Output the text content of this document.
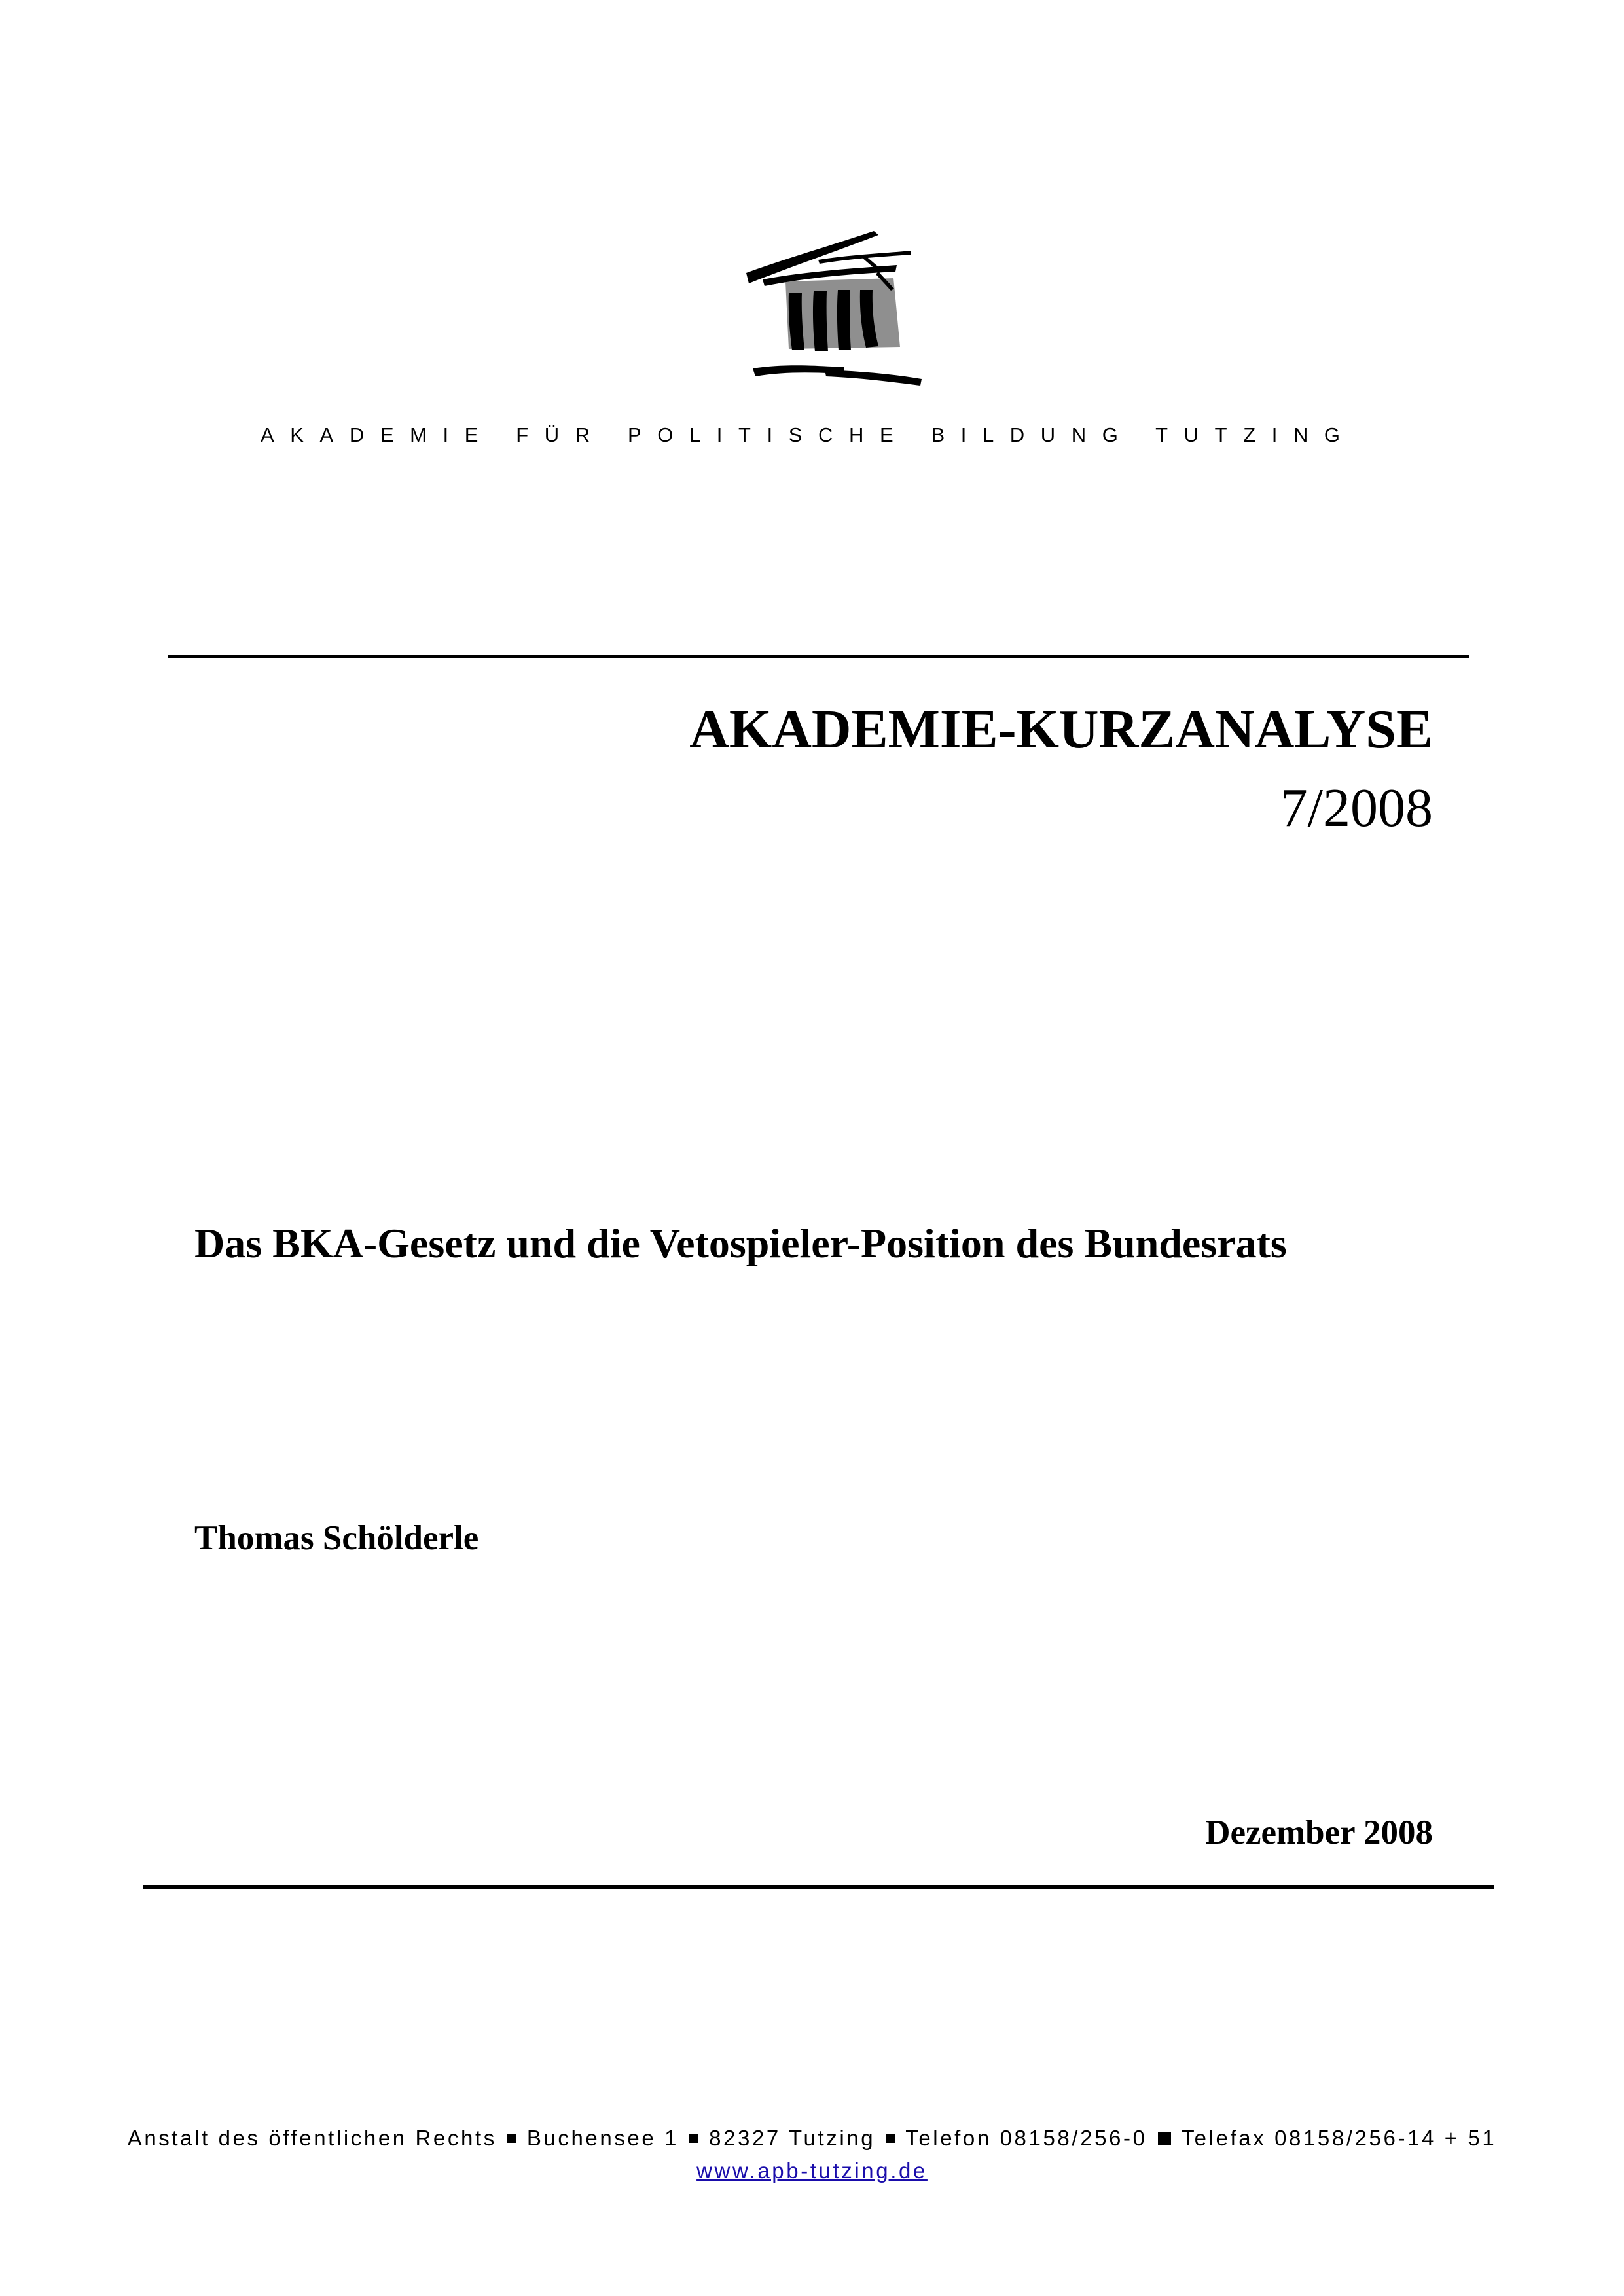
AKADEMIE FÜR POLITISCHE BILDUNG TUTZING
AKADEMIE-KURZANALYSE
7/2008
Das BKA-Gesetz und die Vetospieler-Position des Bundesrats
Thomas Schölderle
Dezember 2008
Anstalt des öffentlichen Rechts Buchensee 1 82327 Tutzing Telefon 08158/256-0 Telefax 08158/256-14 + 51
www.apb-tutzing.de
